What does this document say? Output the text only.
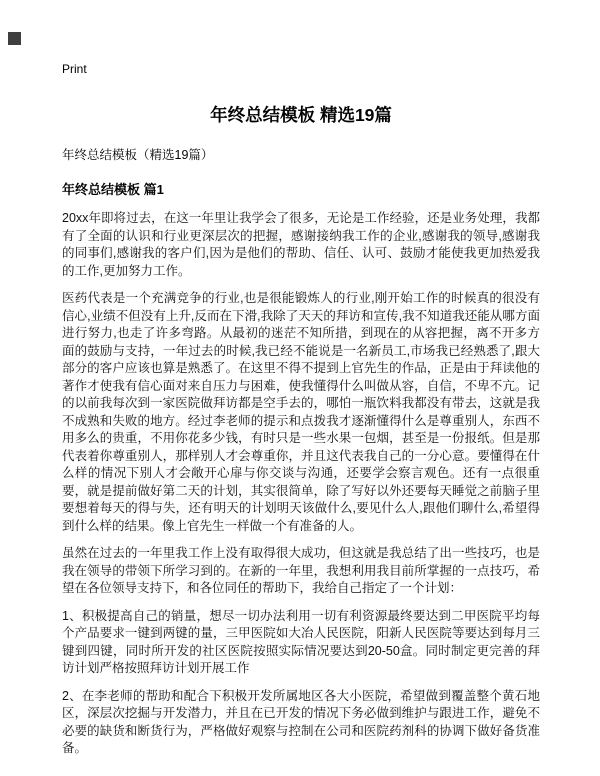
Print
年终总结模板 精选19篇

年终总结模板（精选19篇）

年终总结模板 篇1

20xx年即将过去，在这一年里让我学会了很多，无论是工作经验，还是业务处理，我都有了全面的认识和行业更深层次的把握，感谢接纳我工作的企业,感谢我的领导,感谢我的同事们,感谢我的客户们,因为是他们的帮助、信任、认可、鼓励才能使我更加热爱我的工作,更加努力工作。

医药代表是一个充满竞争的行业,也是很能锻炼人的行业,刚开始工作的时候真的很没有信心,业绩不但没有上升,反而在下滑,我除了天天的拜访和宣传,我不知道我还能从哪方面进行努力,也走了许多弯路。从最初的迷茫不知所措，到现在的从容把握，离不开多方面的鼓励与支持，一年过去的时候,我已经不能说是一名新员工,市场我已经熟悉了,跟大部分的客户应该也算是熟悉了。在这里不得不提到上官先生的作品，正是由于拜读他的著作才使我有信心面对来自压力与困难，使我懂得什么叫做从容，自信，不卑不亢。记的以前我每次到一家医院做拜访都是空手去的，哪怕一瓶饮料我都没有带去，这就是我不成熟和失败的地方。经过李老师的提示和点拨我才逐渐懂得什么是尊重别人，东西不用多么的贵重，不用你花多少钱，有时只是一些水果一包烟，甚至是一份报纸。但是那代表着你尊重别人，那样别人才会尊重你，并且这代表我自己的一分心意。要懂得在什么样的情况下别人才会敞开心扉与你交谈与沟通，还要学会察言观色。还有一点很重要，就是提前做好第二天的计划，其实很简单，除了写好以外还要每天睡觉之前脑子里要想着每天的得与失，还有明天的计划明天该做什么,要见什么人,跟他们聊什么,希望得到什么样的结果。像上官先生一样做一个有准备的人。

虽然在过去的一年里我工作上没有取得很大成功，但这就是我总结了出一些技巧，也是我在领导的带领下所学习到的。在新的一年里，我想利用我目前所掌握的一点技巧，希望在各位领导支持下，和各位同任的帮助下，我给自己指定了一个计划：

1、积极提高自己的销量，想尽一切办法利用一切有利资源最终要达到二甲医院平均每个产品要求一键到两键的量，三甲医院如大冶人民医院，阳新人民医院等要达到每月三键到四键，同时所开发的社区医院按照实际情况要达到20-50盒。同时制定更完善的拜访计划严格按照拜访计划开展工作

2、在李老师的帮助和配合下积极开发所属地区各大小医院，希望做到覆盖整个黄石地区，深层次挖掘与开发潜力，并且在已开发的情况下务必做到维护与跟进工作，避免不必要的缺货和断货行为，严格做好观察与控制在公司和医院药剂科的协调下做好备货准备。
